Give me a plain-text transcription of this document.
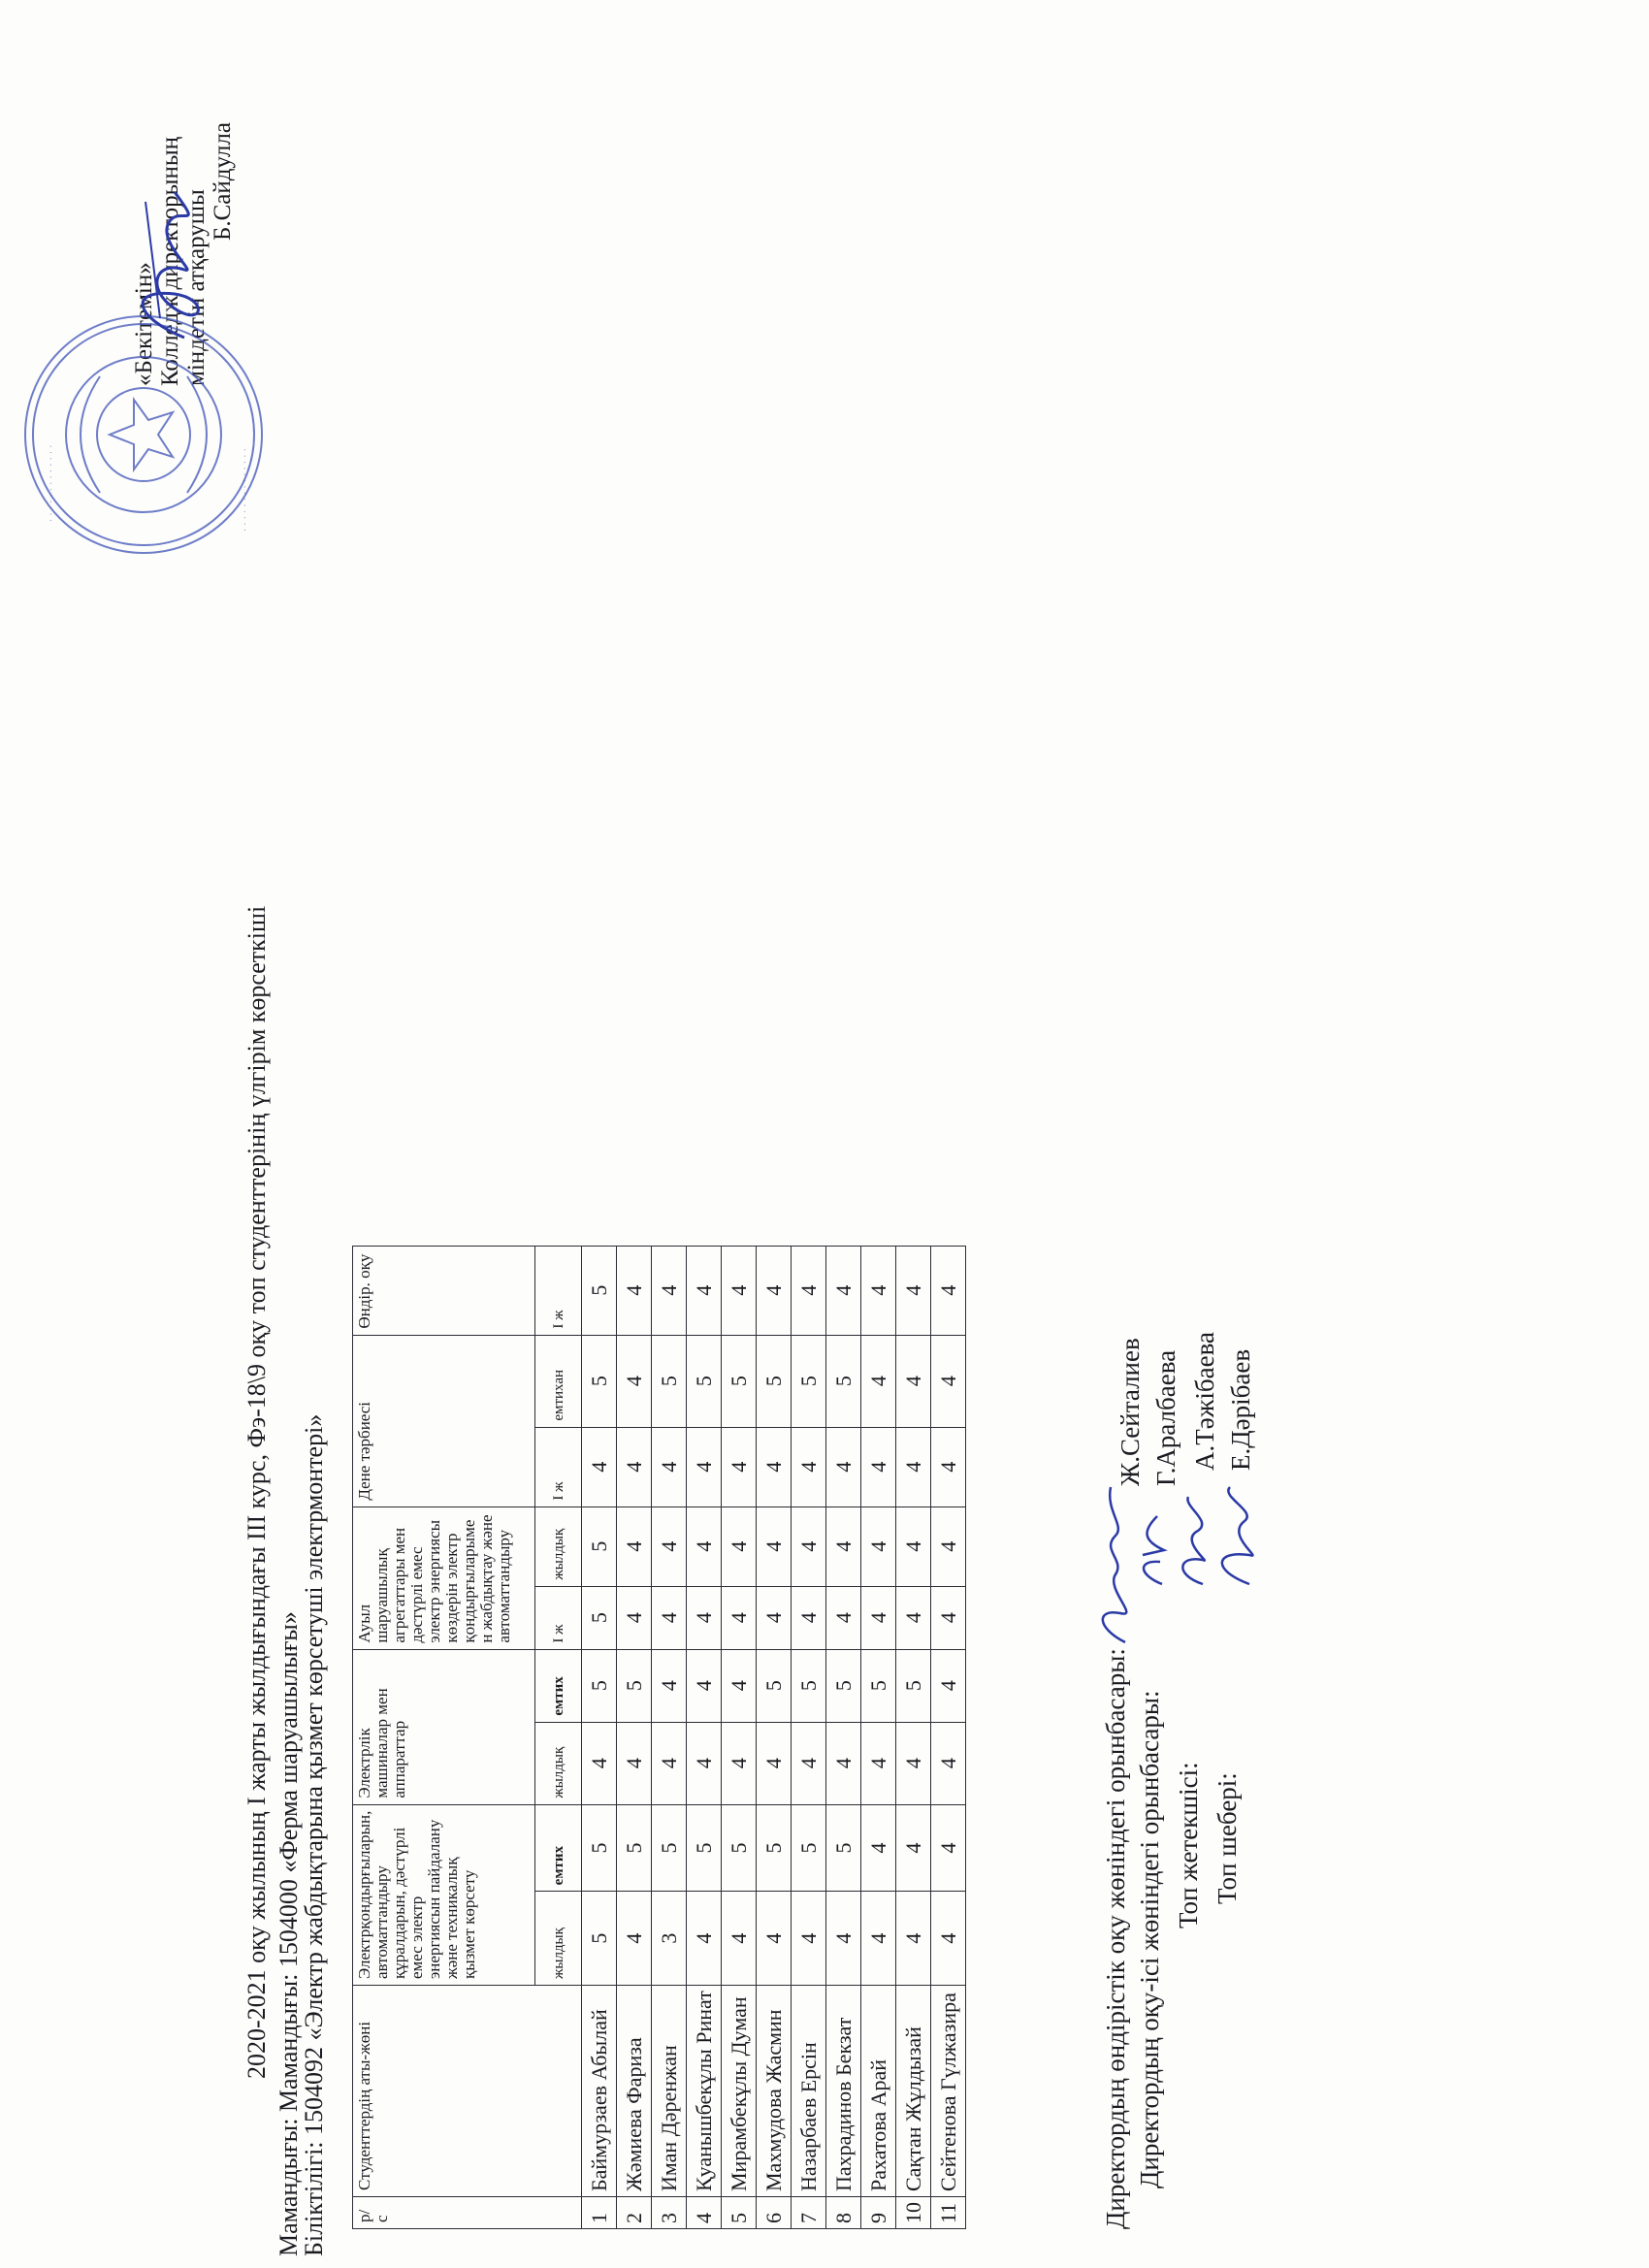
2020-2021 оқу жылының І жарты жылдығындағы ІІІ курс, Фэ-18\9 оқу топ студенттерінің үлгірім көрсеткіші Мамандығы: Мамандығы: 1504000 «Ферма шаруашылығы»
Біліктілігі: 1504092 «Электр жабдықтарына қызмет көрсетуші электрмонтері»
«Бекітемін» Колледж директорының міндетін атқарушы
Б.Сайдулла
. . . . . . . . . . . . .	. . . . . . . . . . . . . .
р/с	Студенттердің аты-жөні	Электрқондырғыларын, автоматтандыру құралдарын, дәстүрлі емес электр энергиясын пайдалану және техникалық қызмет көрсету		Электрлік машиналар мен аппараттар		Ауыл шаруашылық агрегаттары мен дәстүрлі емес электр энергиясы көздерін электр қондырғыларыме н жабдықтау және автоматтандыру		Дене тәрбиесі		Өндір. оқу
		жылдық	емтих	жылдық	емтих	І ж	жылдық	І ж	емтихан	І ж
1	Баймурзаев Абылай	5	5	4	5	5	5	4	5	5
2	Жәмиева Фариза	4	5	4	5	4	4	4	4	4
3	Иман Дәренжан	3	5	4	4	4	4	4	5	4
4	Қуанышбекұлы Ринат	4	5	4	4	4	4	4	5	4
5	Мирамбекұлы Думан	4	5	4	4	4	4	4	5	4
6	Махмудова Жасмин	4	5	4	5	4	4	4	5	4
7	Назарбаев Ерсін	4	5	4	5	4	4	4	5	4
8	Пахрадинов Бекзат	4	5	4	5	4	4	4	5	4
9	Рахатова Арай	4	4	4	5	4	4	4	4	4
10	Сақтан Жұлдызай	4	4	4	5	4	4	4	4	4
11	Сейтенова Гүлжазира	4	4	4	4	4	4	4	4	4
Директордың өндірістік оқу жөніндегі орынбасары: Директордың оқу-ісі жөніндегі орынбасары: Топ жетекшісі: Топ шебері:
Ж.Сейталиев Г.Аралбаева А.Тәжібаева Е.Дәрібаев
